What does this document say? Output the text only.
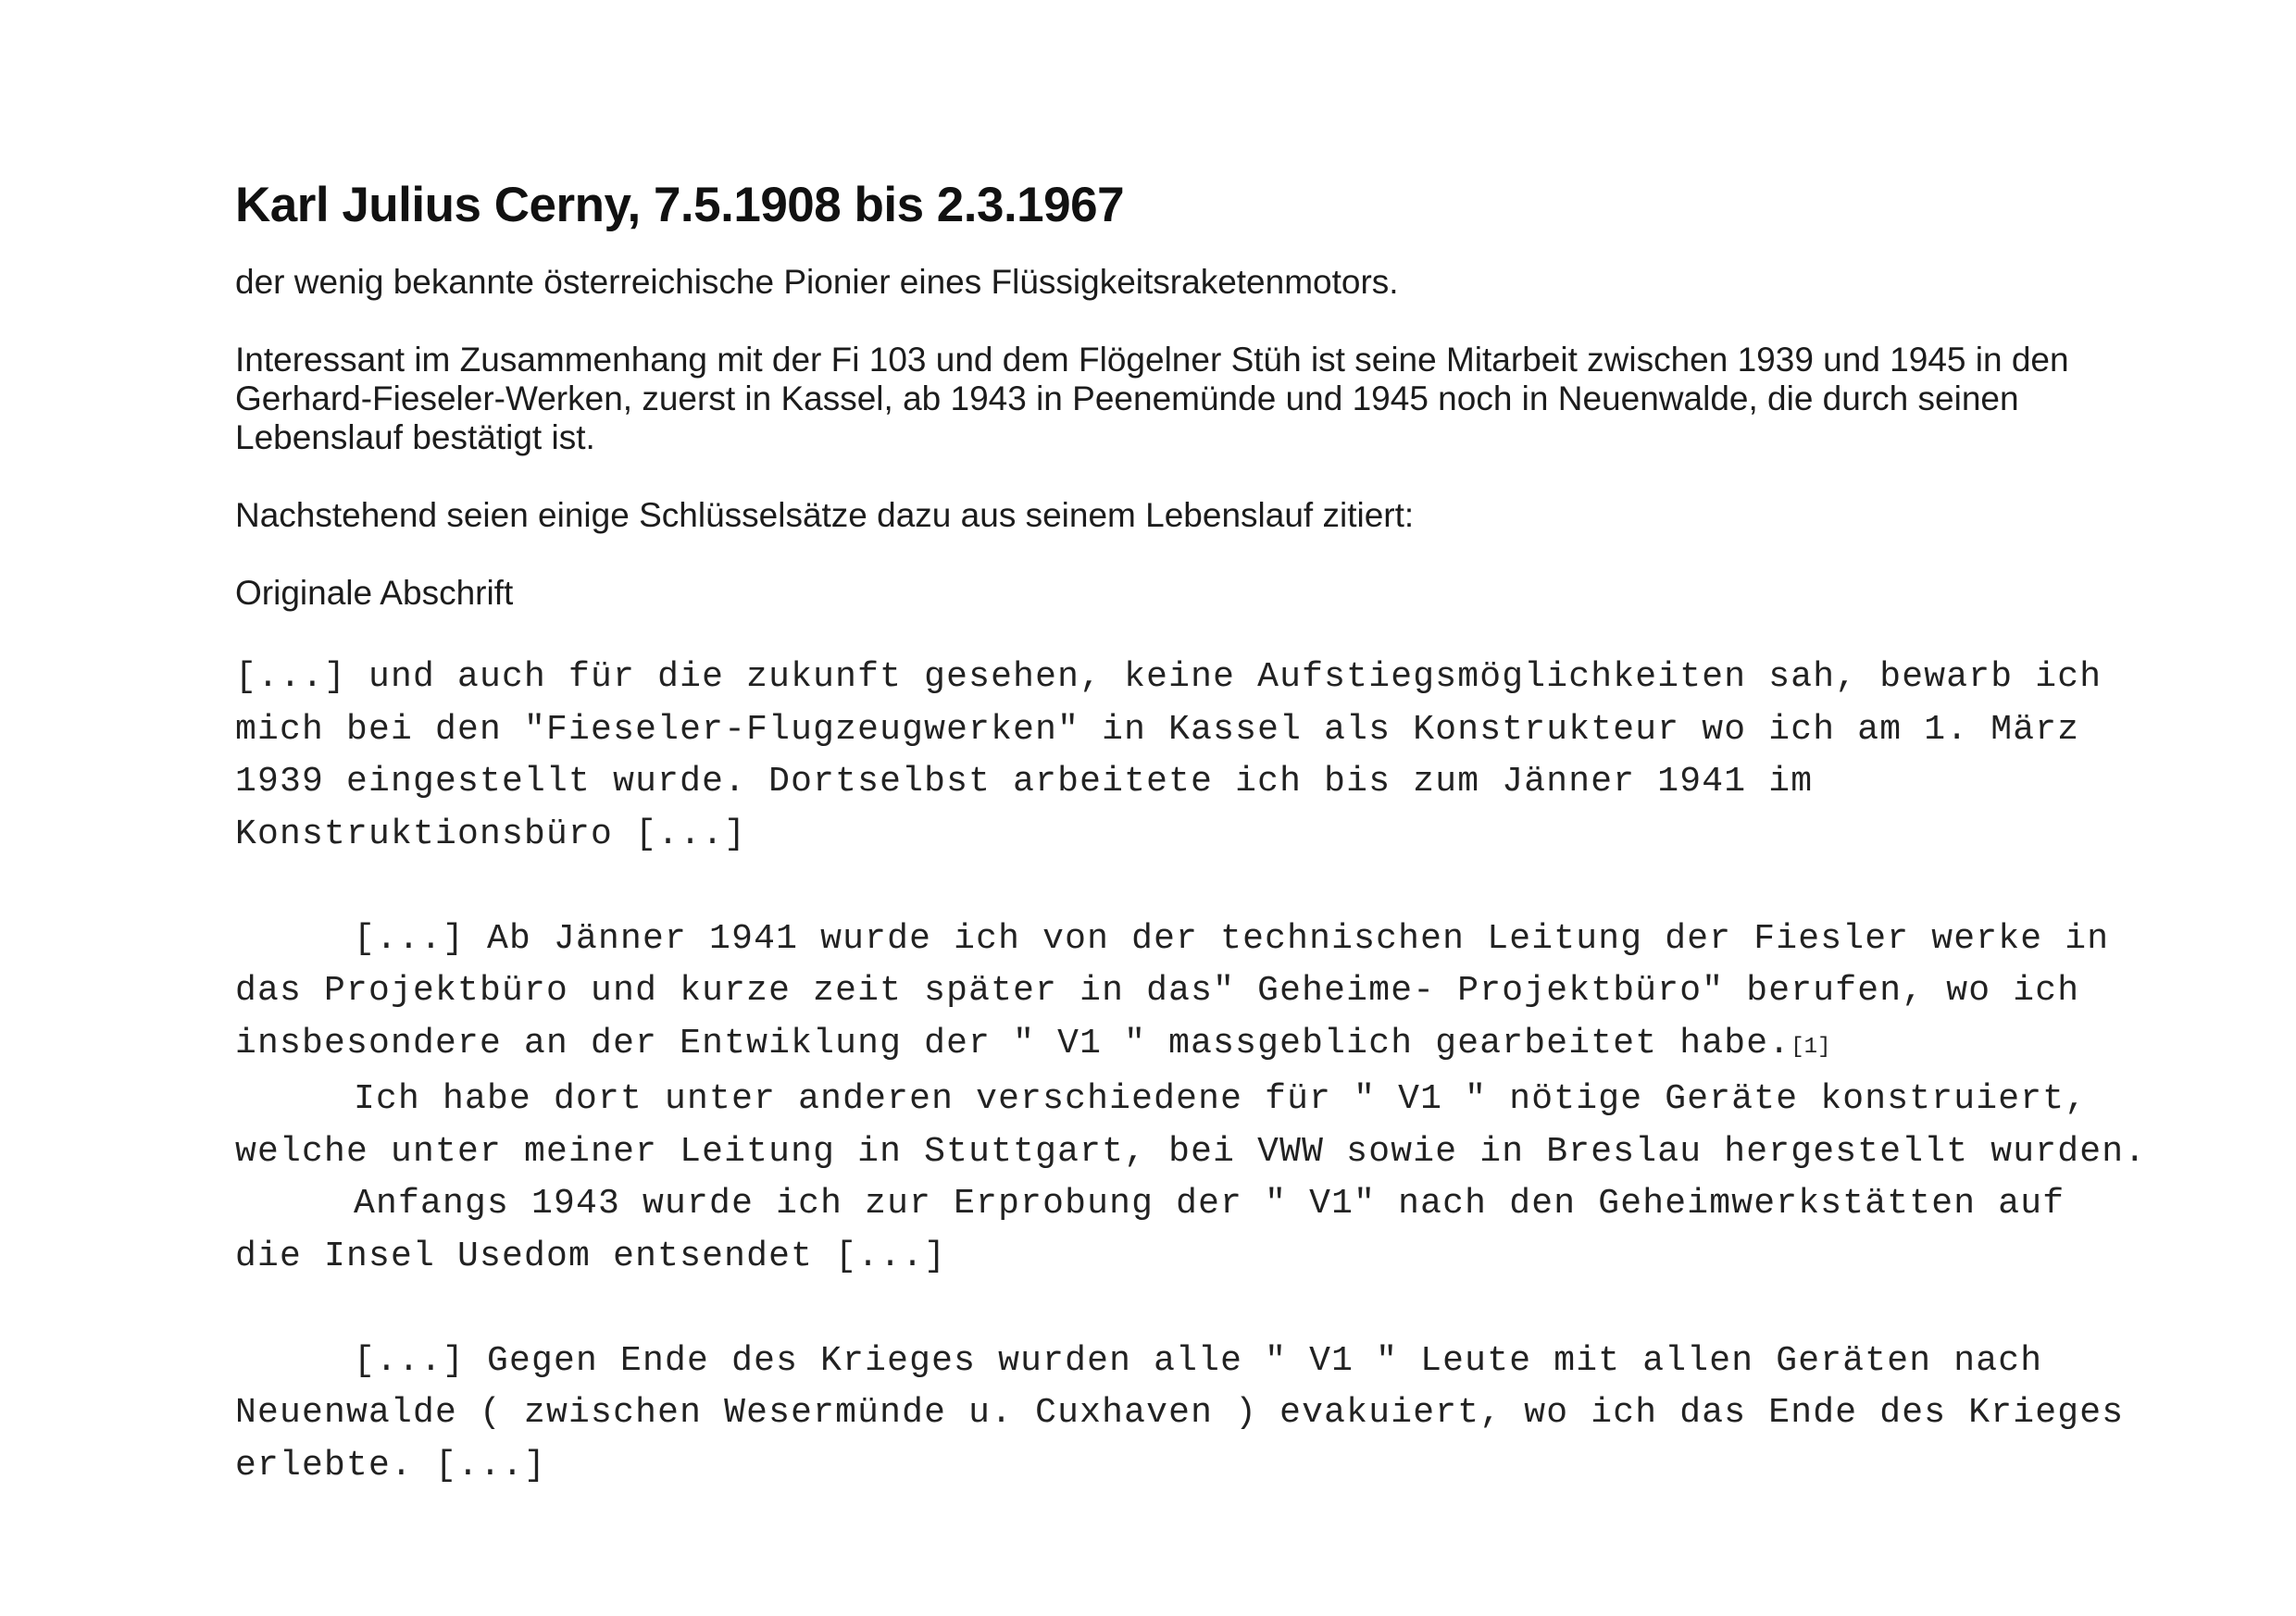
Karl Julius Cerny, 7.5.1908 bis 2.3.1967

der wenig bekannte österreichische Pionier eines Flüssigkeitsraketenmotors.

Interessant im Zusammenhang mit der Fi 103 und dem Flögelner Stüh ist seine Mitarbeit zwischen 1939 und 1945 in den
Gerhard-Fieseler-Werken, zuerst in Kassel, ab 1943 in Peenemünde und 1945 noch in Neuenwalde, die durch seinen
Lebenslauf bestätigt ist.

Nachstehend seien einige Schlüsselsätze dazu aus seinem Lebenslauf zitiert:

Originale Abschrift

[...] und auch für die zukunft gesehen, keine Aufstiegsmöglichkeiten sah, bewarb ich

mich bei den "Fieseler-Flugzeugwerken" in Kassel als Konstrukteur wo ich am 1. März

1939 eingestellt wurde. Dortselbst arbeitete ich bis zum Jänner 1941 im

Konstruktionsbüro [...]

[...] Ab Jänner 1941 wurde ich von der technischen Leitung der Fiesler werke in

das Projektbüro und kurze zeit später in das" Geheime- Projektbüro" berufen, wo ich

insbesondere an der Entwiklung der " V1 " massgeblich gearbeitet habe.[1]

Ich habe dort unter anderen verschiedene für " V1 " nötige Geräte konstruiert,

welche unter meiner Leitung in Stuttgart, bei VWW sowie in Breslau hergestellt wurden.

Anfangs 1943 wurde ich zur Erprobung der " V1" nach den Geheimwerkstätten auf

die Insel Usedom entsendet [...]

[...] Gegen Ende des Krieges wurden alle " V1 " Leute mit allen Geräten nach

Neuenwalde ( zwischen Wesermünde u. Cuxhaven ) evakuiert, wo ich das Ende des Krieges

erlebte. [...]
